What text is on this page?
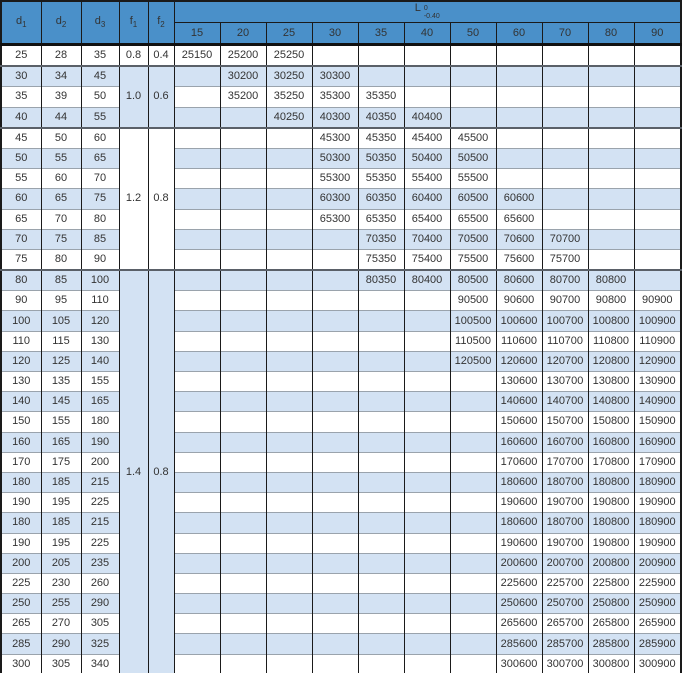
$d_1$	$d_2$	$d_3$	$f_1$	$f_2$	L 0
-0.40										

					15	20	25	30	35	40	50	60	70	80	90
25	28	35	0.8	0.4	25150	25200	25250								
30	34	45	1.0	0.6		30200	30250	30300							
35	39	50				35200	35250	35300	35350						
40	44	55					40250	40300	40350	40400					
45	50	60	1.2	0.8				45300	45350	45400	45500				
50	55	65						50300	50350	50400	50500				
55	60	70						55300	55350	55400	55500				
60	65	75						60300	60350	60400	60500	60600			
65	70	80						65300	65350	65400	65500	65600			
70	75	85							70350	70400	70500	70600	70700		
75	80	90							75350	75400	75500	75600	75700		
80	85	100	1.4	0.8					80350	80400	80500	80600	80700	80800	
90	95	110									90500	90600	90700	90800	90900
100	105	120									100500	100600	100700	100800	100900
110	115	130									110500	110600	110700	110800	110900
120	125	140									120500	120600	120700	120800	120900
130	135	155										130600	130700	130800	130900
140	145	165										140600	140700	140800	140900
150	155	180										150600	150700	150800	150900
160	165	190										160600	160700	160800	160900
170	175	200										170600	170700	170800	170900
180	185	215										180600	180700	180800	180900
190	195	225										190600	190700	190800	190900
180	185	215										180600	180700	180800	180900
190	195	225										190600	190700	190800	190900
200	205	235										200600	200700	200800	200900
225	230	260										225600	225700	225800	225900
250	255	290										250600	250700	250800	250900
265	270	305										265600	265700	265800	265900
285	290	325										285600	285700	285800	285900
300	305	340										300600	300700	300800	300900
